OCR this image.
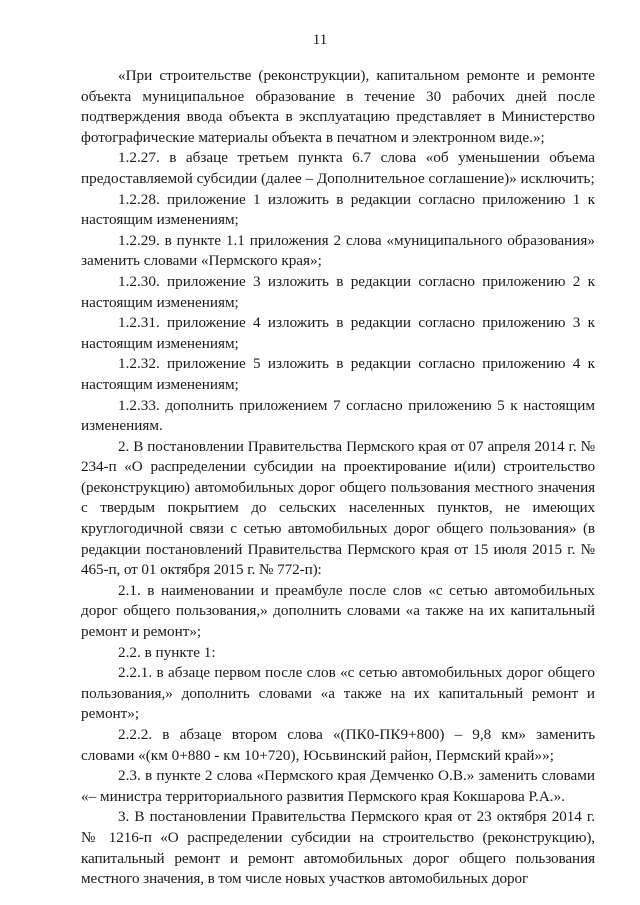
11

«При строительстве (реконструкции), капитальном ремонте и ремонте объекта муниципальное образование в течение 30 рабочих дней после подтверждения ввода объекта в эксплуатацию представляет в Министерство фотографические материалы объекта в печатном и электронном виде.»;

1.2.27. в абзаце третьем пункта 6.7 слова «об уменьшении объема предоставляемой субсидии (далее – Дополнительное соглашение)» исключить;

1.2.28. приложение 1 изложить в редакции согласно приложению 1 к настоящим изменениям;

1.2.29. в пункте 1.1 приложения 2 слова «муниципального образования» заменить словами «Пермского края»;

1.2.30. приложение 3 изложить в редакции согласно приложению 2 к настоящим изменениям;

1.2.31. приложение 4 изложить в редакции согласно приложению 3 к настоящим изменениям;

1.2.32. приложение 5 изложить в редакции согласно приложению 4 к настоящим изменениям;

1.2.33. дополнить приложением 7 согласно приложению 5 к настоящим изменениям.

2. В постановлении Правительства Пермского края от 07 апреля 2014 г. № 234-п «О распределении субсидии на проектирование и(или) строительство (реконструкцию) автомобильных дорог общего пользования местного значения с твердым покрытием до сельских населенных пунктов, не имеющих круглогодичной связи с сетью автомобильных дорог общего пользования» (в редакции постановлений Правительства Пермского края от 15 июля 2015 г. № 465-п, от 01 октября 2015 г. № 772-п):

2.1. в наименовании и преамбуле после слов «с сетью автомобильных дорог общего пользования,» дополнить словами «а также на их капитальный ремонт и ремонт»;

2.2. в пункте 1:

2.2.1. в абзаце первом после слов «с сетью автомобильных дорог общего пользования,» дополнить словами «а также на их капитальный ремонт и ремонт»;

2.2.2. в абзаце втором слова «(ПК0-ПК9+800) – 9,8 км» заменить словами «(км 0+880 - км 10+720), Юсьвинский район, Пермский край»»;

2.3. в пункте 2 слова «Пермского края Демченко О.В.» заменить словами «– министра территориального развития Пермского края Кокшарова Р.А.».

3. В постановлении Правительства Пермского края от 23 октября 2014 г. № 1216-п «О распределении субсидии на строительство (реконструкцию), капитальный ремонт и ремонт автомобильных дорог общего пользования местного значения, в том числе новых участков автомобильных дорог
